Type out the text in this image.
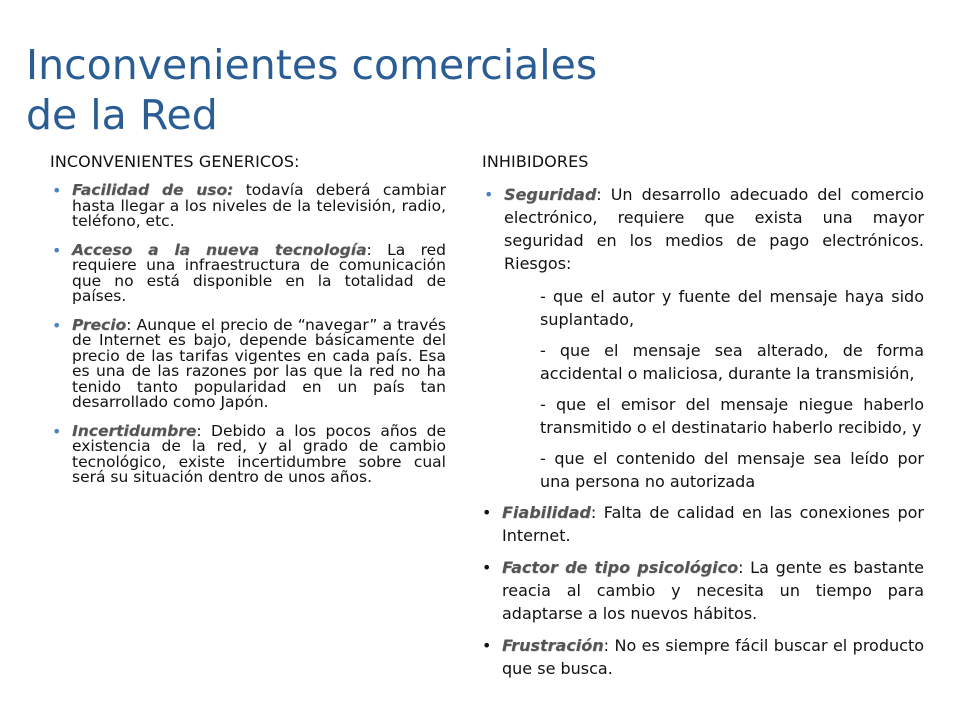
Inconvenientes comerciales
de la Red
INCONVENIENTES GENERICOS:
• Facilidad de uso: todavía deberá cambiar hasta llegar a los niveles de la televisión, radio, teléfono, etc.
• Acceso a la nueva tecnología: La red requiere una infraestructura de comunicación que no está disponible en la totalidad de países.
• Precio: Aunque el precio de “navegar” a través de Internet es bajo, depende básicamente del precio de las tarifas vigentes en cada país. Esa es una de las razones por las que la red no ha tenido tanto popularidad en un país tan desarrollado como Japón.
• Incertidumbre: Debido a los pocos años de existencia de la red, y al grado de cambio tecnológico, existe incertidumbre sobre cual será su situación dentro de unos años.
INHIBIDORES
• Seguridad: Un desarrollo adecuado del comercio electrónico, requiere que exista una mayor seguridad en los medios de pago electrónicos. Riesgos:
- que el autor y fuente del mensaje haya sido suplantado,
- que el mensaje sea alterado, de forma accidental o maliciosa, durante la transmisión,
- que el emisor del mensaje niegue haberlo transmitido o el destinatario haberlo recibido, y
- que el contenido del mensaje sea leído por una persona no autorizada
• Fiabilidad: Falta de calidad en las conexiones por Internet.
• Factor de tipo psicológico: La gente es bastante reacia al cambio y necesita un tiempo para adaptarse a los nuevos hábitos.
• Frustración: No es siempre fácil buscar el producto que se busca.
